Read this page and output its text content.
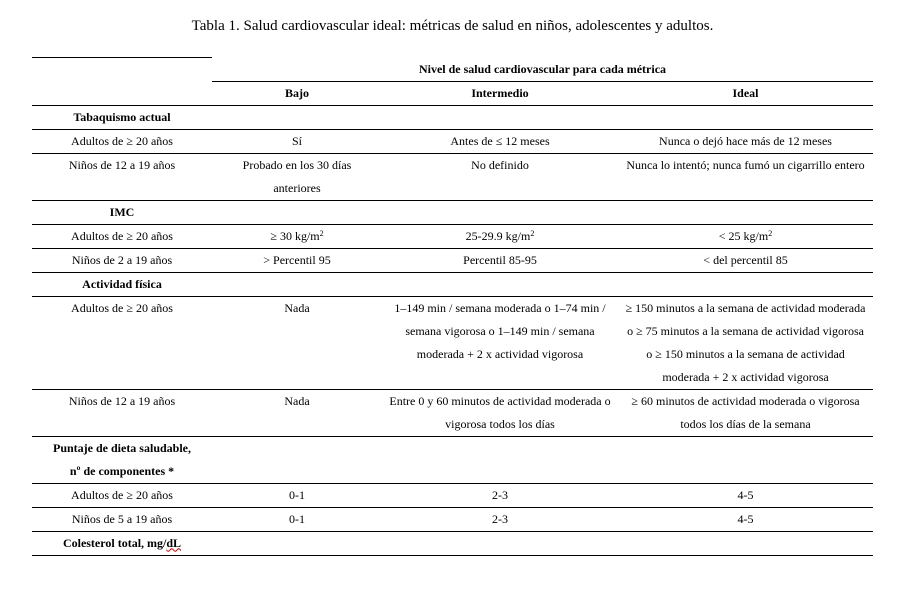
Tabla 1. Salud cardiovascular ideal: métricas de salud en niños, adolescentes y adultos.
	Nivel de salud cardiovascular para cada métrica		
	Bajo	Intermedio	Ideal
Tabaquismo actual			
Adultos de ≥ 20 años	Sí	Antes de ≤ 12 meses	Nunca o dejó hace más de 12 meses
Niños de 12 a 19 años	Probado en los 30 días anteriores	No definido	Nunca lo intentó; nunca fumó un cigarrillo entero
IMC			
Adultos de ≥ 20 años	≥ 30 $kg/m^2$	25-29.9 $kg/m^2$	< 25 $kg/m^2$
Niños de 2 a 19 años	> Percentil 95	Percentil 85-95	< del percentil 85
Actividad física			
Adultos de ≥ 20 años	Nada	1–149 min / semana moderada o 1–74 min / semana vigorosa o 1–149 min / semana moderada + 2 x actividad vigorosa	≥ 150 minutos a la semana de actividad moderada o ≥ 75 minutos a la semana de actividad vigorosa o ≥ 150 minutos a la semana de actividad moderada + 2 x actividad vigorosa
Niños de 12 a 19 años	Nada	Entre 0 y 60 minutos de actividad moderada o vigorosa todos los días	≥ 60 minutos de actividad moderada o vigorosa todos los días de la semana
Puntaje de dieta saludable,			
nº de componentes *			
Adultos de ≥ 20 años	0-1	2-3	4-5
Niños de 5 a 19 años	0-1	2-3	4-5
Colesterol total, mg/dL			
